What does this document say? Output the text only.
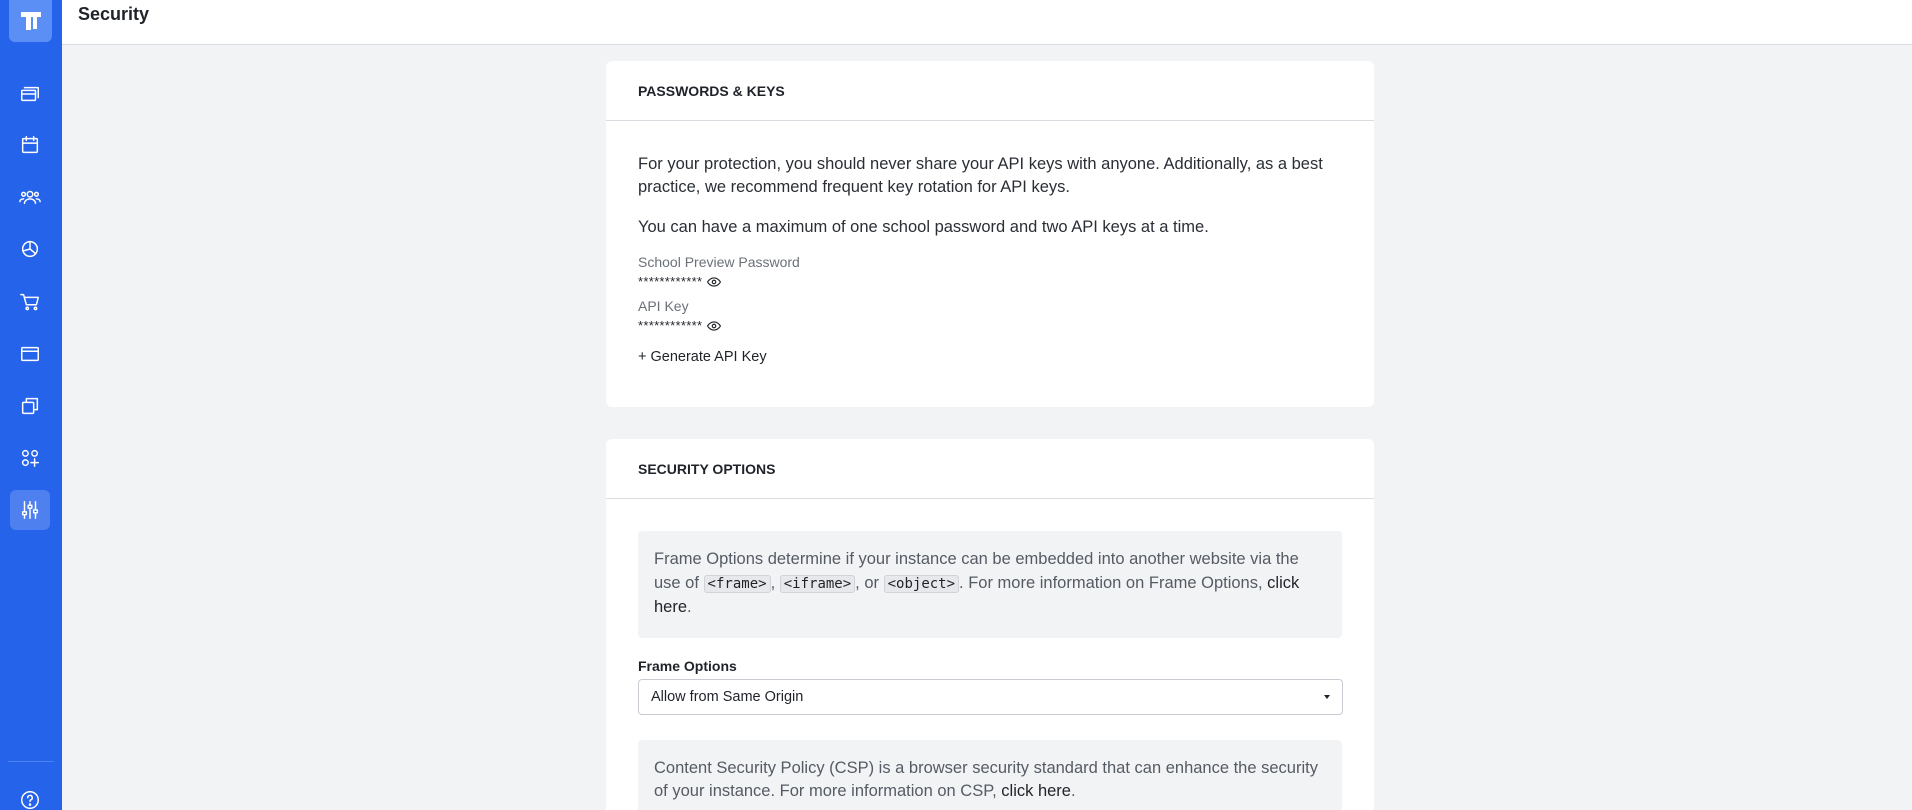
Security
PASSWORDS & KEYS

For your protection, you should never share your API keys with anyone. Additionally, as a best practice, we recommend frequent key rotation for API keys.

You can have a maximum of one school password and two API keys at a time.

School Preview Password
************
API Key
************
+ Generate API Key
SECURITY OPTIONS
Frame Options determine if your instance can be embedded into another website via the use of <frame> , <iframe> , or <object> . For more information on Frame Options, click here.
Frame Options
Allow from Same Origin
Content Security Policy (CSP) is a browser security standard that can enhance the security of your instance. For more information on CSP, click here.
